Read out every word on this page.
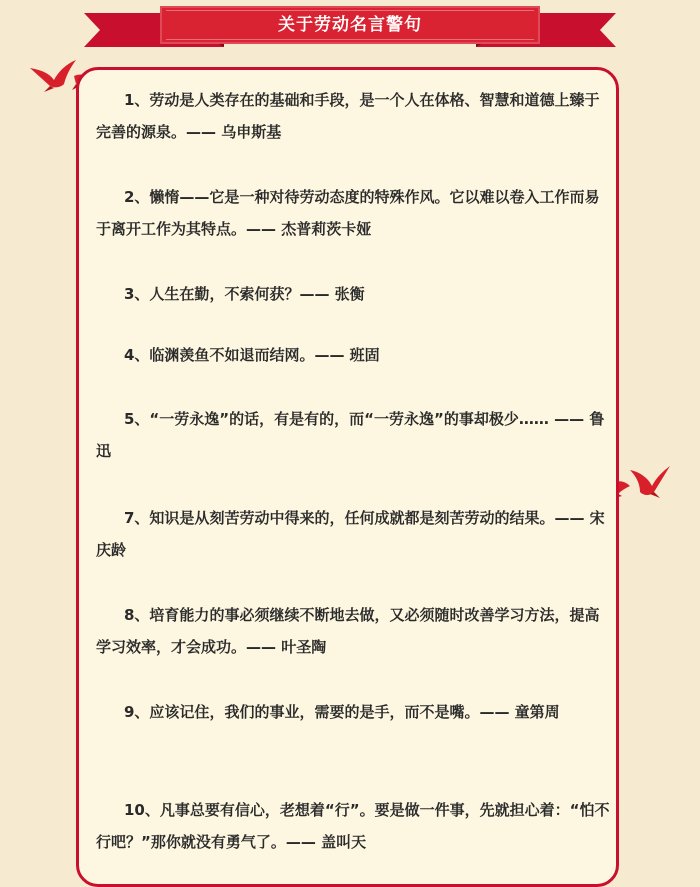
关于劳动名言警句

1、劳动是人类存在的基础和手段，是一个人在体格、智慧和道德上臻于完善的源泉。—— 乌申斯基

2、懒惰——它是一种对待劳动态度的特殊作风。它以难以卷入工作而易于离开工作为其特点。—— 杰普莉茨卡娅

3、人生在勤，不索何获？—— 张衡

4、临渊羡鱼不如退而结网。—— 班固

5、“一劳永逸”的话，有是有的，而“一劳永逸”的事却极少…… —— 鲁迅

7、知识是从刻苦劳动中得来的，任何成就都是刻苦劳动的结果。—— 宋庆龄

8、培育能力的事必须继续不断地去做，又必须随时改善学习方法，提高学习效率，才会成功。—— 叶圣陶

9、应该记住，我们的事业，需要的是手，而不是嘴。—— 童第周

10、凡事总要有信心，老想着“行”。要是做一件事，先就担心着：“怕不行吧？”那你就没有勇气了。—— 盖叫天
